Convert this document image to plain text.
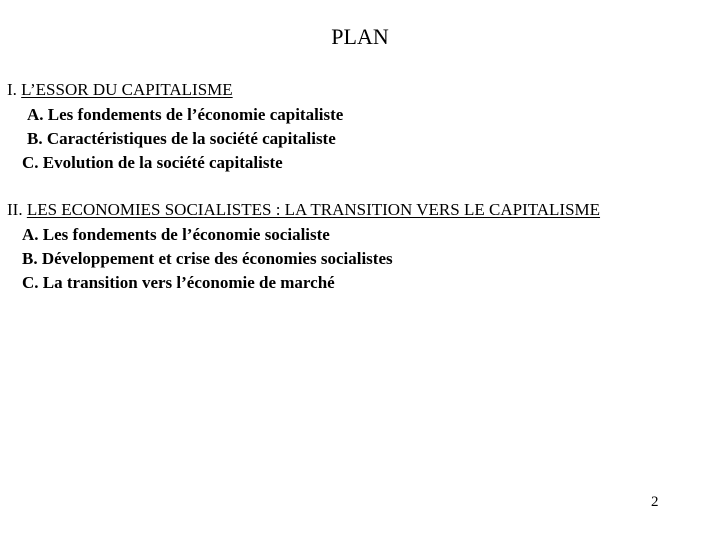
PLAN
I. L’ESSOR DU CAPITALISME
A. Les fondements de l’économie capitaliste
B. Caractéristiques de la société capitaliste
C. Evolution de la société capitaliste
II. LES ECONOMIES SOCIALISTES : LA TRANSITION VERS LE CAPITALISME
A. Les fondements de l’économie socialiste
B. Développement et crise des économies socialistes
C. La transition vers l’économie de marché
2
